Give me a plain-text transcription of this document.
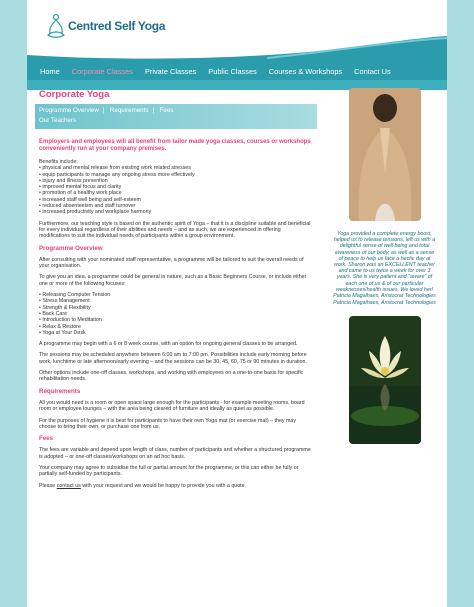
Centred Self Yoga
Home Corporate Classes Private Classes Public Classes Courses & Workshops Contact Us
Corporate Yoga
Programme Overview | Requirements | Fees
Our Teachers
Employers and employees will all benefit from tailor made yoga classes, courses or workshops conveniently run at your company premises.
Benefits include:
• physical and mental release from existing work related stresses
• equip participants to manage any ongoing stress more effectively
• injury and illness prevention
• improved mental focus and clarity
• promotion of a healthy work place
• increased staff well being and self-esteem
• reduced absenteeism and staff turnover
• increased productivity and workplace harmony

Furthermore, our teaching style is based on the authentic spirit of Yoga – that it is a discipline suitable and beneficial for every individual regardless of their abilities and needs – and as such, we are experienced in offering modifications to suit the individual needs of participants within a group environment.

Programme Overview

After consulting with your nominated staff representative, a programme will be tailored to suit the overall needs of your organisation.

To give you an idea, a programme could be general in nature, such as a Basic Beginners Course, or include either one or more of the following focuses:

• Releasing Computer Tension
• Stress Management
• Strength & Flexibility
• Back Care
• Introduction to Meditation
• Relax & Restore
• Yoga at Your Desk

A programme may begin with a 6 or 8 week course, with an option for ongoing general classes to be arranged.

The sessions may be scheduled anywhere between 6:00 am to 7:00 pm. Possibilities include early morning before work, lunchtime or late afternoon/early evening – and the sessions can be 30, 45, 60, 75 or 90 minutes in duration.

Other options include one-off classes, workshops, and working with employees on a one-to-one basis for specific rehabilitation needs.

Requirements

All you would need is a room or open space large enough for the participants - for example meeting rooms, board room or employee lounges – with the area being cleared of furniture and ideally as quiet as possible.

For the purposes of hygiene it is best for participants to have their own Yoga mat (or exercise mat) – they may choose to bring their own, or purchase one from us.

Fees

The fees are variable and depend upon length of class, number of participants and whether a structured programme is adopted – or one-off classes/workshops on an ad hoc basis.

Your company may agree to subsidise the full or partial amount for the programme, or this can either be fully or partially self-funded by participants.

Please contact us with your request and we would be happy to provide you with a quote.

Yoga provided a complete energy boost, helped us to release tensions, left us with a delightful sense of well being and total awareness of our body, as well as a sense of peace to help us face a hectic day at work. Sharon was an EXCELLENT teacher and came to us twice a week for over 3 years. She is very patient and "aware" of each one of us & of our particular weaknesses/health issues. We loved her! Patricia Magalhaes, Aristocrat Technologies
Patricia Magalhaes, Aristocrat Technologies
